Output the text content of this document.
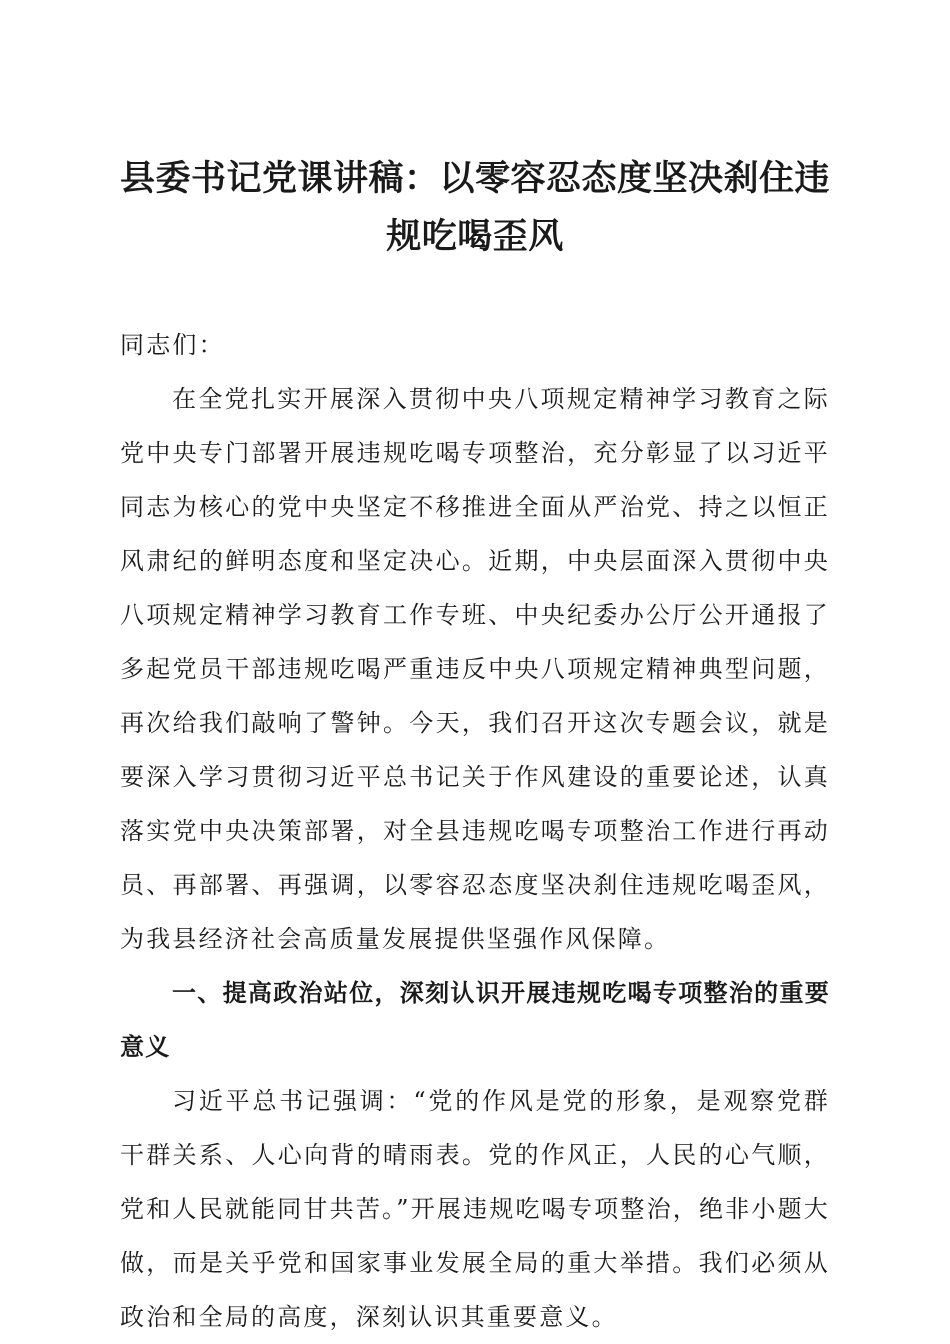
县委书记党课讲稿：以零容忍态度坚决刹住违规吃喝歪风

同志们：

在全党扎实开展深入贯彻中央八项规定精神学习教育之际党中央专门部署开展违规吃喝专项整治，充分彰显了以习近平同志为核心的党中央坚定不移推进全面从严治党、持之以恒正风肃纪的鲜明态度和坚定决心。近期，中央层面深入贯彻中央八项规定精神学习教育工作专班、中央纪委办公厅公开通报了多起党员干部违规吃喝严重违反中央八项规定精神典型问题，再次给我们敲响了警钟。今天，我们召开这次专题会议，就是要深入学习贯彻习近平总书记关于作风建设的重要论述，认真落实党中央决策部署，对全县违规吃喝专项整治工作进行再动员、再部署、再强调，以零容忍态度坚决刹住违规吃喝歪风，为我县经济社会高质量发展提供坚强作风保障。

一、提高政治站位，深刻认识开展违规吃喝专项整治的重要意义

习近平总书记强调：“党的作风是党的形象，是观察党群干群关系、人心向背的晴雨表。党的作风正，人民的心气顺，党和人民就能同甘共苦。”开展违规吃喝专项整治，绝非小题大做，而是关乎党和国家事业发展全局的重大举措。我们必须从政治和全局的高度，深刻认识其重要意义。
